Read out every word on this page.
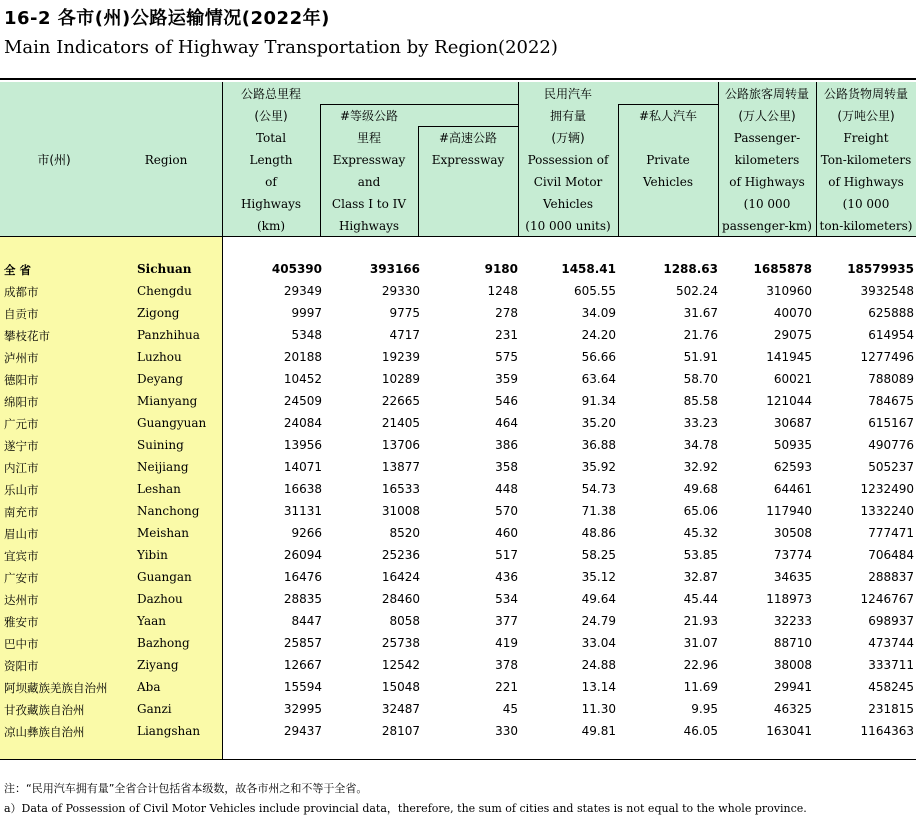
16-2 各市(州)公路运输情况(2022年)
Main Indicators of Highway Transportation by Region(2022)
市(州)	Region
公路总里程
(公里)
Total
Length
of
Highways
(km)
#等级公路
里程
Expressway
and
Class I to IV
Highways
#高速公路
Expressway
民用汽车
拥有量
(万辆)
Possession of
Civil Motor
Vehicles
(10 000 units)
#私人汽车
Private
Vehicles
公路旅客周转量
(万人公里)
Passenger-
kilometers
of Highways
(10 000
passenger-km)
公路货物周转量
(万吨公里)
Freight
Ton-kilometers
of Highways
(10 000
ton-kilometers)
全 省	Sichuan	405390	393166	9180	1458.41	1288.63	1685878	18579935
成都市	Chengdu	29349	29330	1248	605.55	502.24	310960	3932548
自贡市	Zigong	9997	9775	278	34.09	31.67	40070	625888
攀枝花市	Panzhihua	5348	4717	231	24.20	21.76	29075	614954
泸州市	Luzhou	20188	19239	575	56.66	51.91	141945	1277496
德阳市	Deyang	10452	10289	359	63.64	58.70	60021	788089
绵阳市	Mianyang	24509	22665	546	91.34	85.58	121044	784675
广元市	Guangyuan	24084	21405	464	35.20	33.23	30687	615167
遂宁市	Suining	13956	13706	386	36.88	34.78	50935	490776
内江市	Neijiang	14071	13877	358	35.92	32.92	62593	505237
乐山市	Leshan	16638	16533	448	54.73	49.68	64461	1232490
南充市	Nanchong	31131	31008	570	71.38	65.06	117940	1332240
眉山市	Meishan	9266	8520	460	48.86	45.32	30508	777471
宜宾市	Yibin	26094	25236	517	58.25	53.85	73774	706484
广安市	Guangan	16476	16424	436	35.12	32.87	34635	288837
达州市	Dazhou	28835	28460	534	49.64	45.44	118973	1246767
雅安市	Yaan	8447	8058	377	24.79	21.93	32233	698937
巴中市	Bazhong	25857	25738	419	33.04	31.07	88710	473744
资阳市	Ziyang	12667	12542	378	24.88	22.96	38008	333711
阿坝藏族羌族自治州 Aba	15594	15048	221	13.14	11.69	29941	458245
甘孜藏族自治州	Ganzi	32995	32487	45	11.30	9.95	46325	231815
凉山彝族自治州	Liangshan	29437	28107	330	49.81	46.05	163041	1164363
注：“民用汽车拥有量”全省合计包括省本级数，故各市州之和不等于全省。
a）Data of Possession of Civil Motor Vehicles include provincial data，therefore, the sum of cities and states is not equal to the whole province.
